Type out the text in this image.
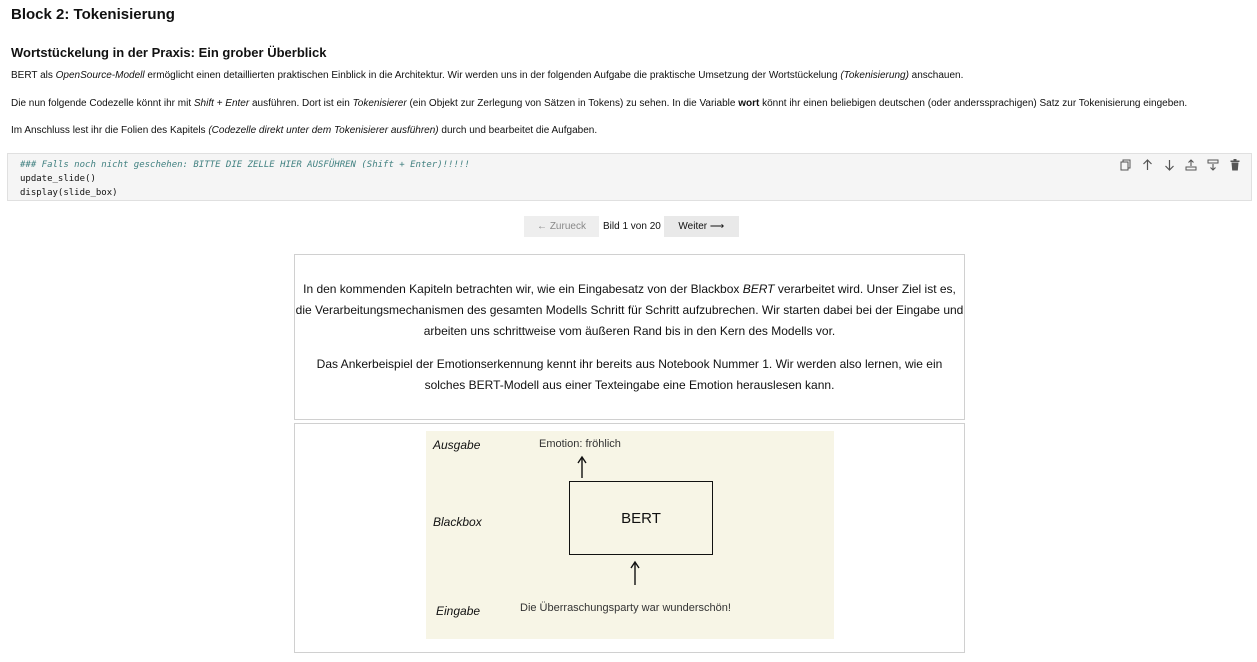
Block 2: Tokenisierung
Wortstückelung in der Praxis: Ein grober Überblick

BERT als OpenSource-Modell ermöglicht einen detaillierten praktischen Einblick in die Architektur. Wir werden uns in der folgenden Aufgabe die praktische Umsetzung der Wortstückelung (Tokenisierung) anschauen.

Die nun folgende Codezelle könnt ihr mit Shift + Enter ausführen. Dort ist ein Tokenisierer (ein Objekt zur Zerlegung von Sätzen in Tokens) zu sehen. In die Variable wort könnt ihr einen beliebigen deutschen (oder anderssprachigen) Satz zur Tokenisierung eingeben.

Im Anschluss lest ihr die Folien des Kapitels (Codezelle direkt unter dem Tokenisierer ausführen) durch und bearbeitet die Aufgaben.

### Falls noch nicht geschehen: BITTE DIE ZELLE HIER AUSFÜHREN (Shift + Enter)!!!!!
update_slide()
display(slide_box)
← Zurueck	Bild 1 von 20	Weiter ⟶

In den kommenden Kapiteln betrachten wir, wie ein Eingabesatz von der Blackbox BERT verarbeitet wird. Unser Ziel ist es, die Verarbeitungsmechanismen des gesamten Modells Schritt für Schritt aufzubrechen. Wir starten dabei bei der Eingabe und arbeiten uns schrittweise vom äußeren Rand bis in den Kern des Modells vor.

Das Ankerbeispiel der Emotionserkennung kennt ihr bereits aus Notebook Nummer 1. Wir werden also lernen, wie ein solches BERT-Modell aus einer Texteingabe eine Emotion herauslesen kann.

Ausgabe
Blackbox
Eingabe
Emotion: fröhlich
BERT
Die Überraschungsparty war wunderschön!
